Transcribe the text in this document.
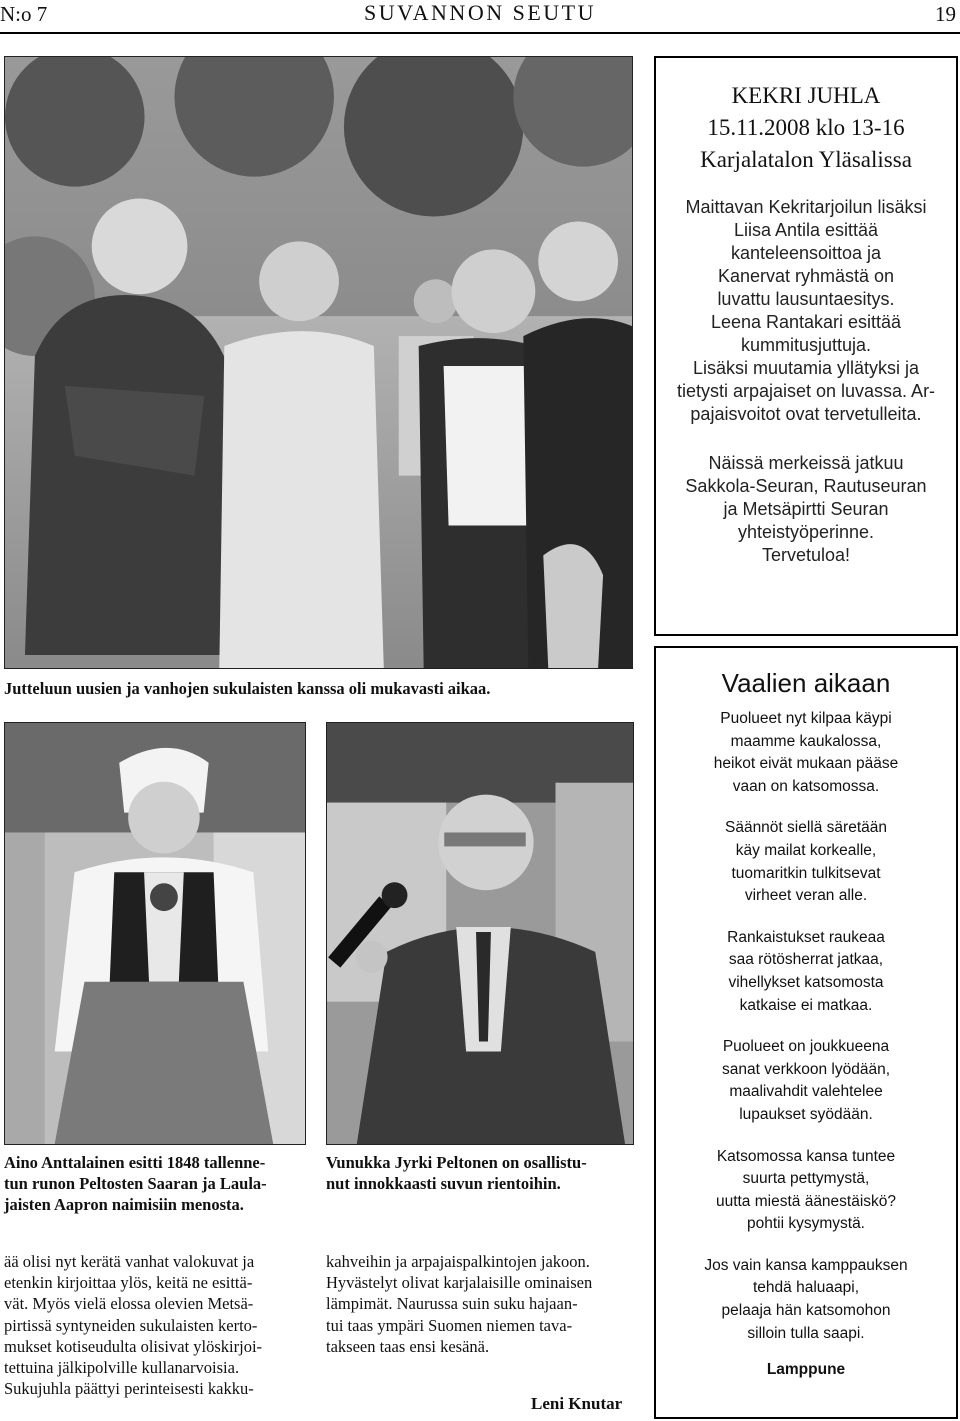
N:o 7	SUVANNON SEUTU	19
KEKRI JUHLA
15.11.2008 klo 13-16
Karjalatalon Yläsalissa
Maittavan Kekritarjoilun lisäksi
Liisa Antila esittää
kanteleensoittoa ja
Kanervat ryhmästä on
luvattu lausuntaesitys.
Leena Rantakari esittää
kummitusjuttuja.
Lisäksi muutamia yllätyksi ja
tietysti arpajaiset on luvassa. Ar-
pajaisvoitot ovat tervetulleita.
Näissä merkeissä jatkuu
Sakkola-Seuran, Rautuseuran
ja Metsäpirtti Seuran
yhteistyöperinne.
Tervetuloa!
Jutteluun uusien ja vanhojen sukulaisten kanssa oli mukavasti aikaa.	Vaalien aikaan
Puolueet nyt kilpaa käypi
maamme kaukalossa,
heikot eivät mukaan pääse
vaan on katsomossa.
Säännöt siellä säretään
käy mailat korkealle,
tuomaritkin tulkitsevat
virheet veran alle.
Rankaistukset raukeaa
saa rötösherrat jatkaa,
vihellykset katsomosta
katkaise ei matkaa.
Puolueet on joukkueena
sanat verkkoon lyödään,
maalivahdit valehtelee
lupaukset syödään.
Katsomossa kansa tuntee
suurta pettymystä,
uutta miestä äänestäiskö?
pohtii kysymystä.
Jos vain kansa kamppauksen
tehdä haluaapi,
pelaaja hän katsomohon
silloin tulla saapi.
Lamppune
Aino Anttalainen esitti 1848 tallenne-
tun runon Peltosten Saaran ja Laula-
jaisten Aapron naimisiin menosta.
Vunukka Jyrki Peltonen on osallistu-
nut innokkaasti suvun rientoihin.
ää olisi nyt kerätä vanhat valokuvat ja
etenkin kirjoittaa ylös, keitä ne esittä-
vät. Myös vielä elossa olevien Metsä-
pirtissä syntyneiden sukulaisten kerto-
mukset kotiseudulta olisivat ylöskirjoi-
tettuina jälkipolville kullanarvoisia.
Sukujuhla päättyi perinteisesti kakku-
kahveihin ja arpajaispalkintojen jakoon.
Hyvästelyt olivat karjalaisille ominaisen
lämpimät. Naurussa suin suku hajaan-
tui taas ympäri Suomen niemen tava-
takseen taas ensi kesänä.
Leni Knutar
